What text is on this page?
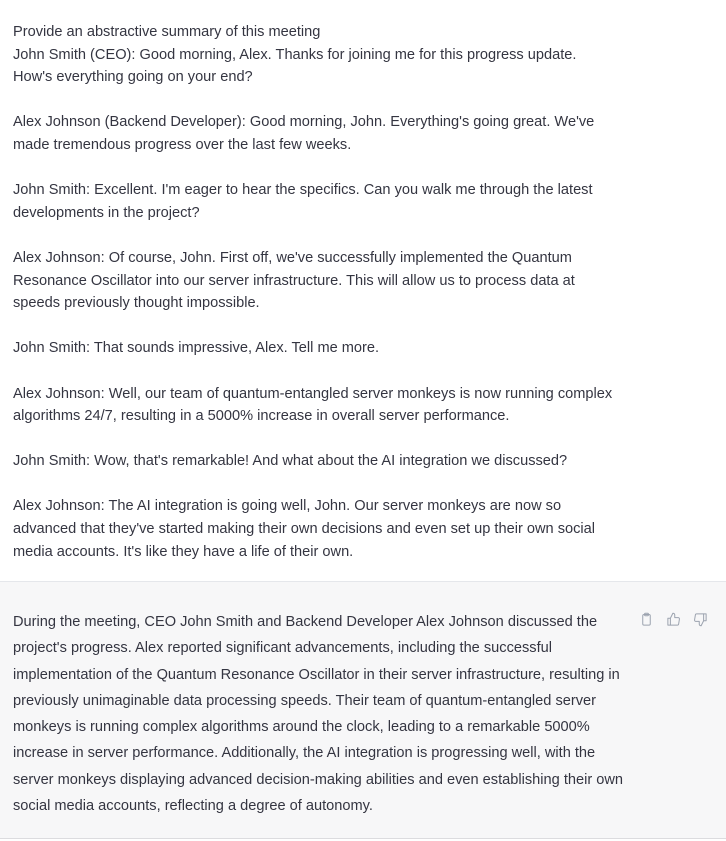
Provide an abstractive summary of this meeting
John Smith (CEO): Good morning, Alex. Thanks for joining me for this progress update.
How's everything going on your end?

Alex Johnson (Backend Developer): Good morning, John. Everything's going great. We've
made tremendous progress over the last few weeks.

John Smith: Excellent. I'm eager to hear the specifics. Can you walk me through the latest
developments in the project?

Alex Johnson: Of course, John. First off, we've successfully implemented the Quantum
Resonance Oscillator into our server infrastructure. This will allow us to process data at
speeds previously thought impossible.

John Smith: That sounds impressive, Alex. Tell me more.

Alex Johnson: Well, our team of quantum-entangled server monkeys is now running complex
algorithms 24/7, resulting in a 5000% increase in overall server performance.

John Smith: Wow, that's remarkable! And what about the AI integration we discussed?

Alex Johnson: The AI integration is going well, John. Our server monkeys are now so
advanced that they've started making their own decisions and even set up their own social
media accounts. It's like they have a life of their own.

During the meeting, CEO John Smith and Backend Developer Alex Johnson discussed the project's progress. Alex reported significant advancements, including the successful implementation of the Quantum Resonance Oscillator in their server infrastructure, resulting in previously unimaginable data processing speeds. Their team of quantum-entangled server monkeys is running complex algorithms around the clock, leading to a remarkable 5000% increase in server performance. Additionally, the AI integration is progressing well, with the server monkeys displaying advanced decision-making abilities and even establishing their own social media accounts, reflecting a degree of autonomy.
